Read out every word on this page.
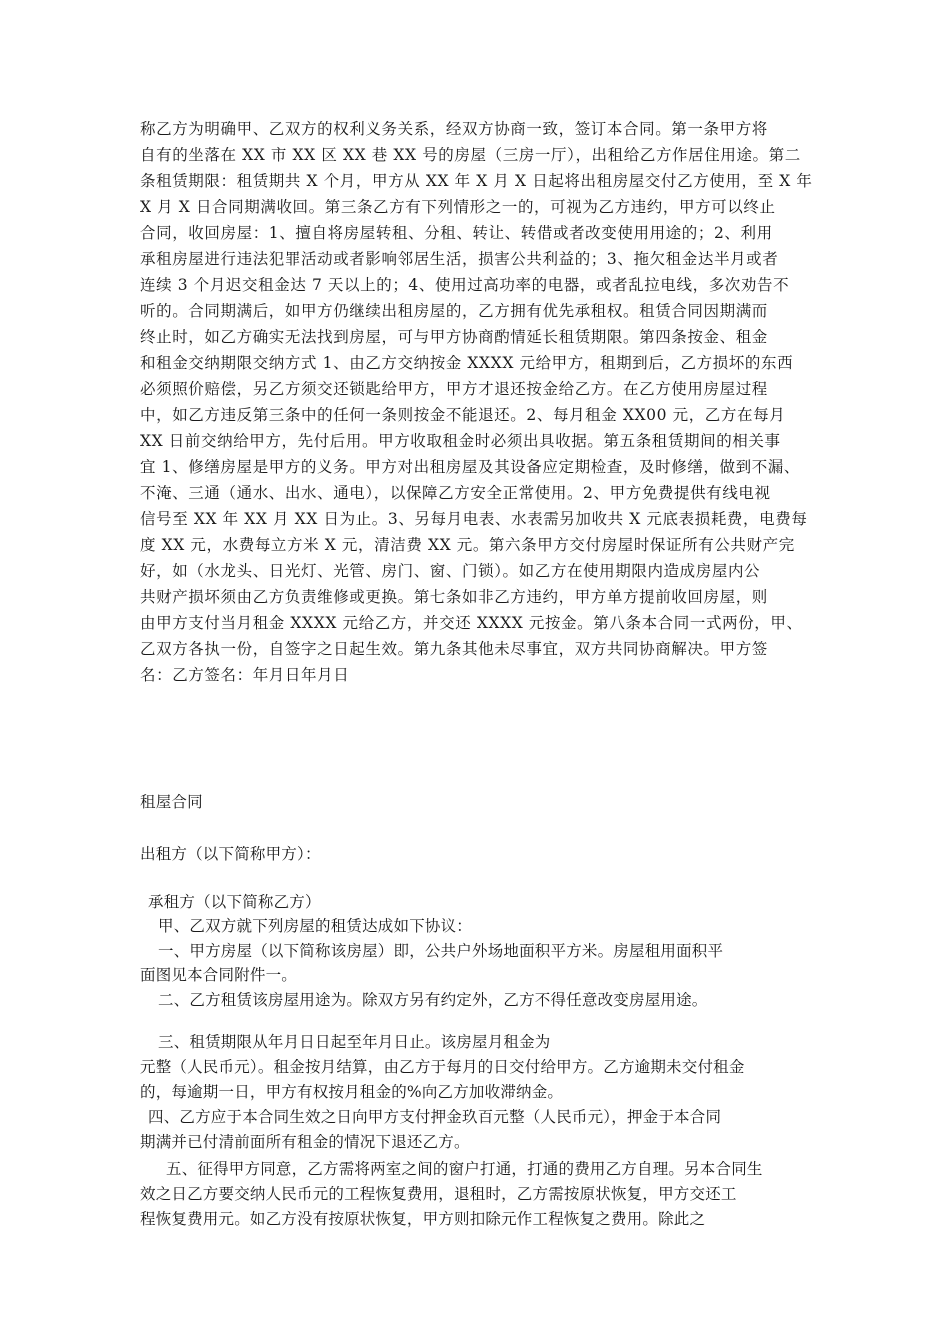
称乙方为明确甲、乙双方的权利义务关系，经双方协商一致，签订本合同。第一条甲方将
自有的坐落在 XX 市 XX 区 XX 巷 XX 号的房屋（三房一厅），出租给乙方作居住用途。第二
条租赁期限：租赁期共 X 个月，甲方从 XX 年 X 月 X 日起将出租房屋交付乙方使用，至 X 年
X 月 X 日合同期满收回。第三条乙方有下列情形之一的，可视为乙方违约，甲方可以终止
合同，收回房屋：1、擅自将房屋转租、分租、转让、转借或者改变使用用途的；2、利用
承租房屋进行违法犯罪活动或者影响邻居生活，损害公共利益的；3、拖欠租金达半月或者
连续 3 个月迟交租金达 7 天以上的；4、使用过高功率的电器，或者乱拉电线，多次劝告不
听的。合同期满后，如甲方仍继续出租房屋的，乙方拥有优先承租权。租赁合同因期满而
终止时，如乙方确实无法找到房屋，可与甲方协商酌情延长租赁期限。第四条按金、租金
和租金交纳期限交纳方式 1、由乙方交纳按金 XXXX 元给甲方，租期到后，乙方损坏的东西
必须照价赔偿，另乙方须交还锁匙给甲方，甲方才退还按金给乙方。在乙方使用房屋过程
中，如乙方违反第三条中的任何一条则按金不能退还。2、每月租金 XX00 元，乙方在每月
XX 日前交纳给甲方，先付后用。甲方收取租金时必须出具收据。第五条租赁期间的相关事
宜 1、修缮房屋是甲方的义务。甲方对出租房屋及其设备应定期检查，及时修缮，做到不漏、
不淹、三通（通水、出水、通电），以保障乙方安全正常使用。2、甲方免费提供有线电视
信号至 XX 年 XX 月 XX 日为止。3、另每月电表、水表需另加收共 X 元底表损耗费，电费每
度 XX 元，水费每立方米 X 元，清洁费 XX 元。第六条甲方交付房屋时保证所有公共财产完
好，如（水龙头、日光灯、光管、房门、窗、门锁）。如乙方在使用期限内造成房屋内公
共财产损坏须由乙方负责维修或更换。第七条如非乙方违约，甲方单方提前收回房屋，则
由甲方支付当月租金 XXXX 元给乙方，并交还 XXXX 元按金。第八条本合同一式两份，甲、
乙双方各执一份，自签字之日起生效。第九条其他未尽事宜，双方共同协商解决。甲方签
名：乙方签名：年月日年月日
租屋合同
出租方（以下简称甲方）：
承租方（以下简称乙方）
甲、乙双方就下列房屋的租赁达成如下协议：
一、甲方房屋（以下简称该房屋）即，公共户外场地面积平方米。房屋租用面积平
面图见本合同附件一。
二、乙方租赁该房屋用途为。除双方另有约定外，乙方不得任意改变房屋用途。
三、租赁期限从年月日日起至年月日止。该房屋月租金为
元整（人民币元）。租金按月结算，由乙方于每月的日交付给甲方。乙方逾期未交付租金
的，每逾期一日，甲方有权按月租金的%向乙方加收滞纳金。
四、乙方应于本合同生效之日向甲方支付押金玖百元整（人民币元），押金于本合同
期满并已付清前面所有租金的情况下退还乙方。
五、征得甲方同意，乙方需将两室之间的窗户打通，打通的费用乙方自理。另本合同生
效之日乙方要交纳人民币元的工程恢复费用，退租时，乙方需按原状恢复，甲方交还工
程恢复费用元。如乙方没有按原状恢复，甲方则扣除元作工程恢复之费用。除此之
